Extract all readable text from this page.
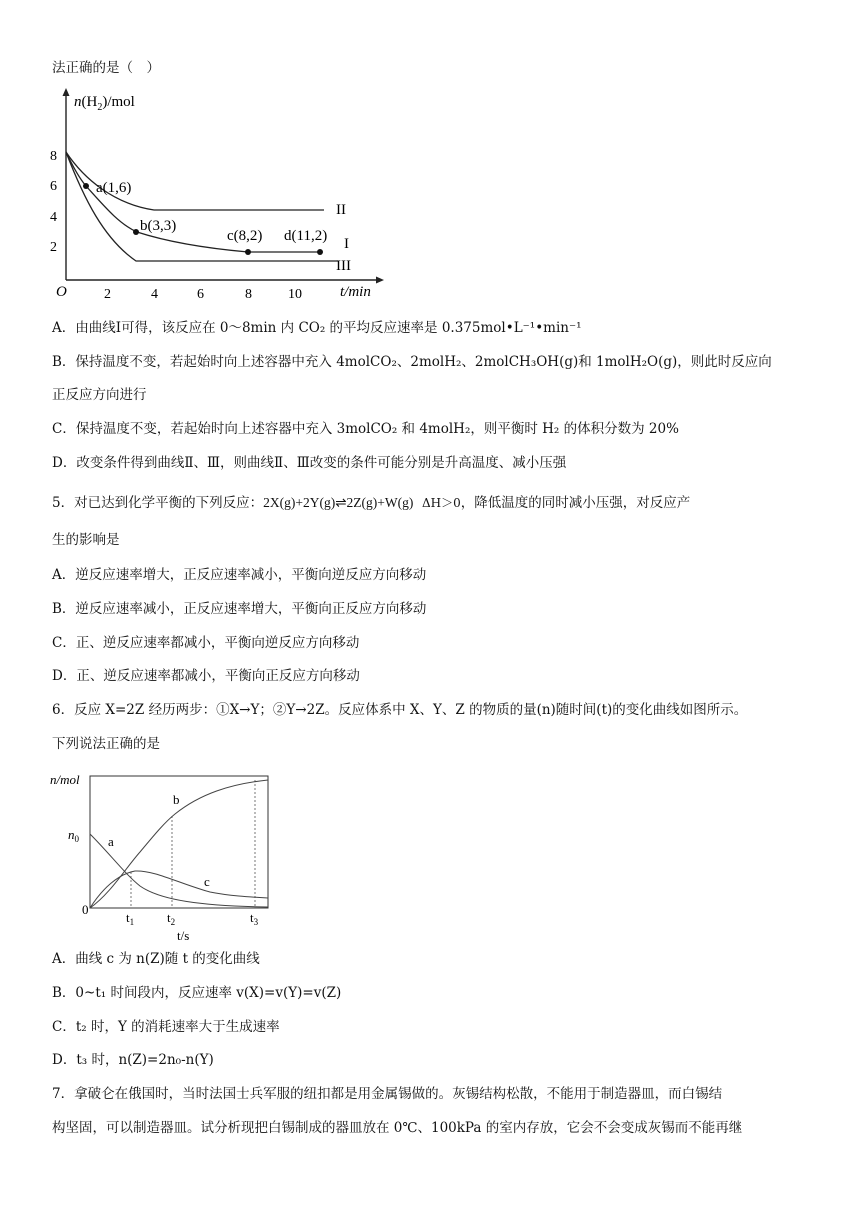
法正确的是（　）
$n(H_2)$/mol
t/min
O
8
6
4
2
2	4	6	8	10
a(1,6)
b(3,3)
c(8,2) d(11,2)
II
I
III
A．由曲线Ⅰ可得，该反应在 0～8min 内 CO₂ 的平均反应速率是 0.375mol•L⁻¹•min⁻¹
B．保持温度不变，若起始时向上述容器中充入 4molCO₂、2molH₂、2molCH₃OH(g)和 1molH₂O(g)，则此时反应向
正反应方向进行
C．保持温度不变，若起始时向上述容器中充入 3molCO₂ 和 4molH₂，则平衡时 H₂ 的体积分数为 20%
D．改变条件得到曲线Ⅱ、Ⅲ，则曲线Ⅱ、Ⅲ改变的条件可能分别是升高温度、减小压强
5．对已达到化学平衡的下列反应：2X(g)+2Y(g)⇌2Z(g)+W(g) ΔH＞0，降低温度的同时减小压强，对反应产
生的影响是
A．逆反应速率增大，正反应速率减小，平衡向逆反应方向移动
B．逆反应速率减小，正反应速率增大，平衡向正反应方向移动
C．正、逆反应速率都减小，平衡向逆反应方向移动
D．正、逆反应速率都减小，平衡向正反应方向移动
6．反应 X=2Z 经历两步：①X→Y；②Y→2Z。反应体系中 X、Y、Z 的物质的量(n)随时间(t)的变化曲线如图所示。
下列说法正确的是
n/mol
$n_0$
0
a
b
c
$t_1$	$t_2$	$t_3$
t/s
A．曲线 c 为 n(Z)随 t 的变化曲线
B．0~t₁ 时间段内，反应速率 v(X)=v(Y)=v(Z)
C．t₂ 时，Y 的消耗速率大于生成速率
D．t₃ 时，n(Z)=2n₀-n(Y)
7．拿破仑在俄国时，当时法国士兵军服的纽扣都是用金属锡做的。灰锡结构松散，不能用于制造器皿，而白锡结
构坚固，可以制造器皿。试分析现把白锡制成的器皿放在 0℃、100kPa 的室内存放，它会不会变成灰锡而不能再继
